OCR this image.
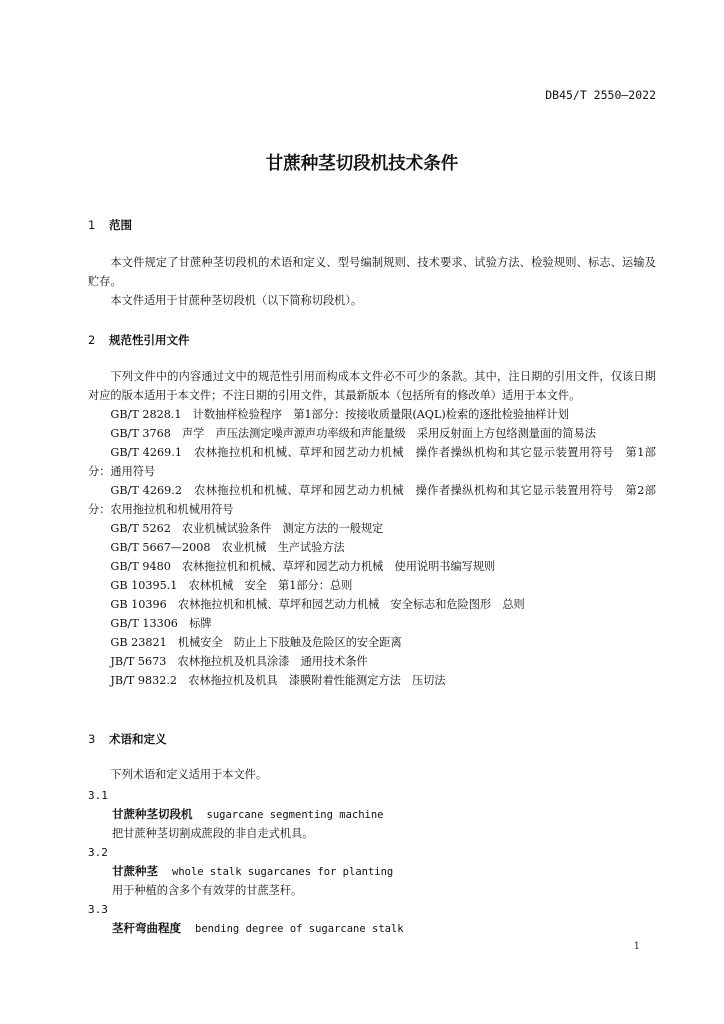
DB45/T 2550—2022
甘蔗种茎切段机技术条件
1 范围

本文件规定了甘蔗种茎切段机的术语和定义、型号编制规则、技术要求、试验方法、检验规则、标志、运输及贮存。

本文件适用于甘蔗种茎切段机（以下简称切段机）。

2 规范性引用文件

下列文件中的内容通过文中的规范性引用而构成本文件必不可少的条款。其中，注日期的引用文件，仅该日期对应的版本适用于本文件；不注日期的引用文件，其最新版本（包括所有的修改单）适用于本文件。

GB/T 2828.1　计数抽样检验程序　第1部分：按接收质量限(AQL)检索的逐批检验抽样计划

GB/T 3768　声学　声压法测定噪声源声功率级和声能量级　采用反射面上方包络测量面的简易法

GB/T 4269.1　农林拖拉机和机械、草坪和园艺动力机械　操作者操纵机构和其它显示装置用符号　第1部分：通用符号

GB/T 4269.2　农林拖拉机和机械、草坪和园艺动力机械　操作者操纵机构和其它显示装置用符号　第2部分：农用拖拉机和机械用符号

GB/T 5262　农业机械试验条件　测定方法的一般规定

GB/T 5667—2008　农业机械　生产试验方法

GB/T 9480　农林拖拉机和机械、草坪和园艺动力机械　使用说明书编写规则

GB 10395.1　农林机械　安全　第1部分：总则

GB 10396　农林拖拉机和机械、草坪和园艺动力机械　安全标志和危险图形　总则

GB/T 13306　标牌

GB 23821　机械安全　防止上下肢触及危险区的安全距离

JB/T 5673　农林拖拉机及机具涂漆　通用技术条件

JB/T 9832.2　农林拖拉机及机具　漆膜附着性能测定方法　压切法

3 术语和定义

下列术语和定义适用于本文件。

3.1
甘蔗种茎切段机 sugarcane segmenting machine
把甘蔗种茎切割成蔗段的非自走式机具。
3.2
甘蔗种茎 whole stalk sugarcanes for planting
用于种植的含多个有效芽的甘蔗茎秆。
3.3
茎秆弯曲程度 bending degree of sugarcane stalk
1
